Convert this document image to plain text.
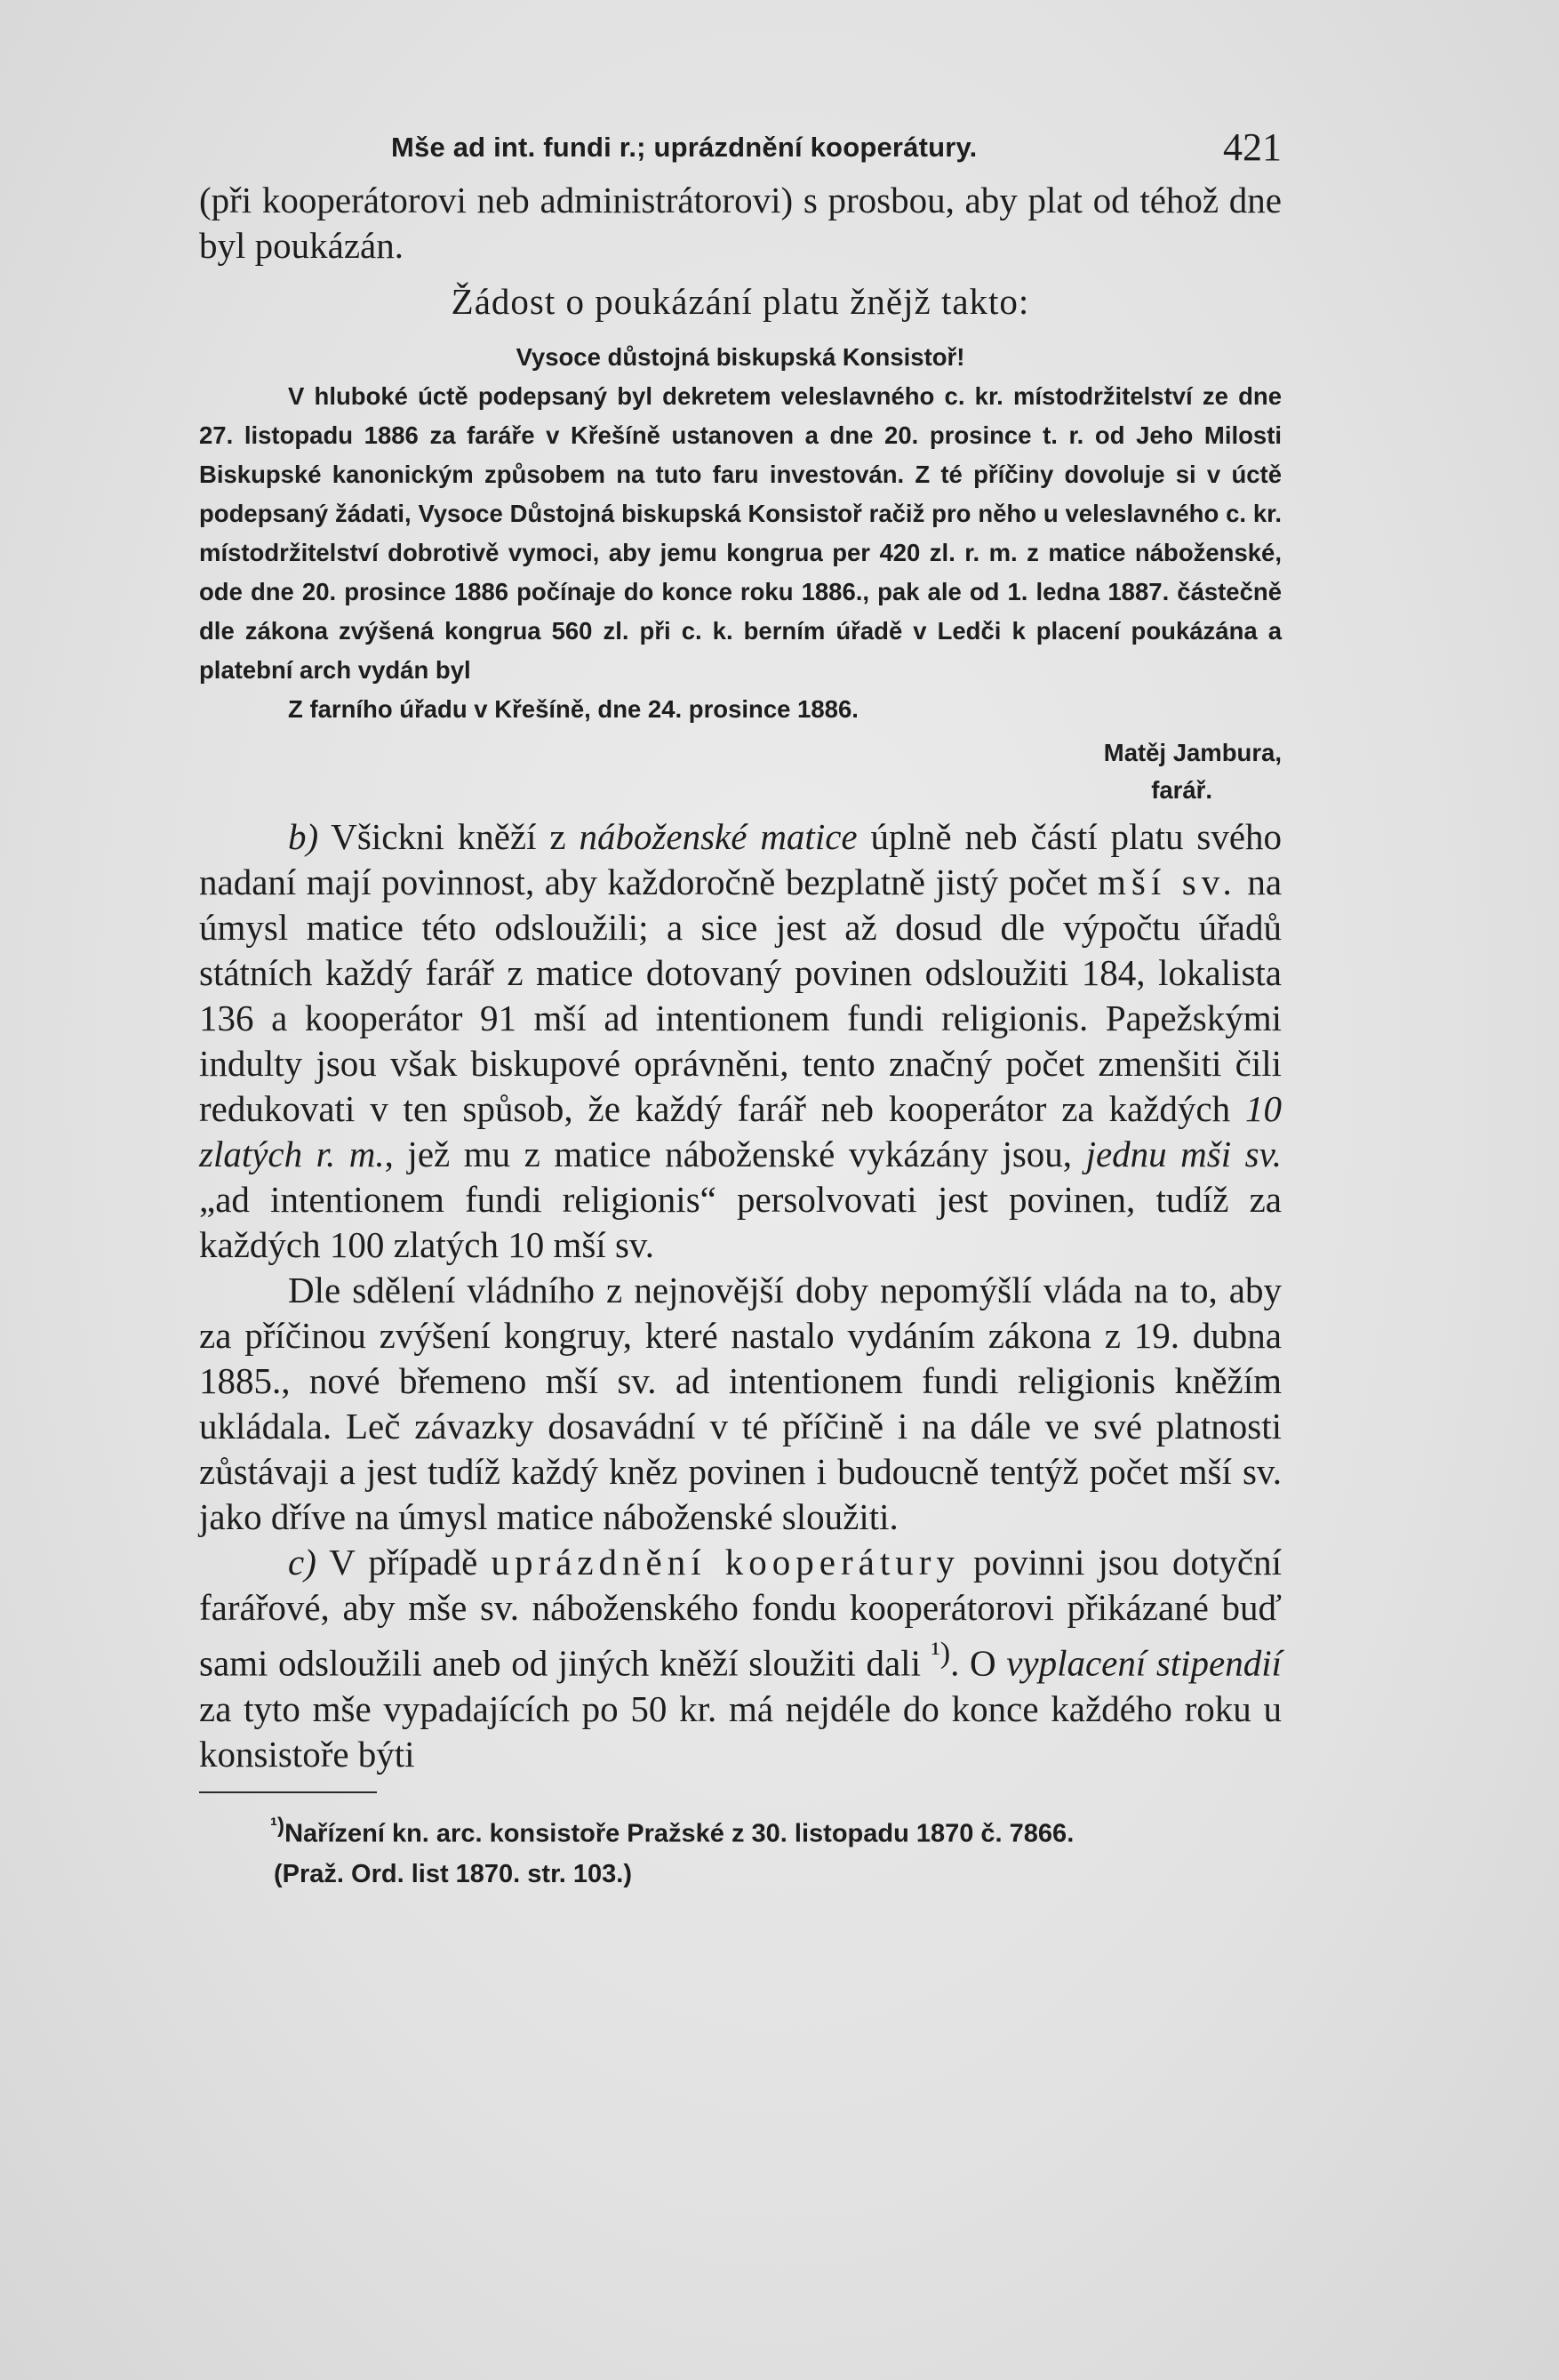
Mše ad int. fundi r.; uprázdnění kooperátury.	421

(při kooperátorovi neb administrátorovi) s prosbou, aby plat od téhož dne byl poukázán.

Žádost o poukázání platu žnějž takto:

Vysoce důstojná biskupská Konsistoř!

V hluboké úctě podepsaný byl dekretem veleslavného c. kr. místodržitelství ze dne 27. listopadu 1886 za faráře v Křešíně ustanoven a dne 20. prosince t. r. od Jeho Milosti Biskupské kanonickým způsobem na tuto faru investován. Z té příčiny dovoluje si v úctě podepsaný žádati, Vysoce Důstojná biskupská Konsistoř račiž pro něho u veleslavného c. kr. místodržitelství dobrotivě vymoci, aby jemu kongrua per 420 zl. r. m. z matice náboženské, ode dne 20. prosince 1886 počínaje do konce roku 1886., pak ale od 1. ledna 1887. částečně dle zákona zvýšená kongrua 560 zl. při c. k. berním úřadě v Ledči k placení poukázána a platební arch vydán byl

Z farního úřadu v Křešíně, dne 24. prosince 1886.

Matěj Jambura,
farář.

b) Všickni kněží z náboženské matice úplně neb částí platu svého nadaní mají povinnost, aby každoročně bezplatně jistý počet mší sv. na úmysl matice této odsloužili; a sice jest až dosud dle výpočtu úřadů státních každý farář z matice dotovaný povinen odsloužiti 184, lokalista 136 a kooperátor 91 mší ad intentionem fundi religionis. Papežskými indulty jsou však biskupové oprávněni, tento značný počet zmenšiti čili redukovati v ten spůsob, že každý farář neb kooperátor za každých 10 zlatých r. m., jež mu z matice náboženské vykázány jsou, jednu mši sv. „ad intentionem fundi religionis“ persolvovati jest povinen, tudíž za každých 100 zlatých 10 mší sv.

Dle sdělení vládního z nejnovější doby nepomýšlí vláda na to, aby za příčinou zvýšení kongruy, které nastalo vydáním zákona z 19. dubna 1885., nové břemeno mší sv. ad intentionem fundi religionis kněžím ukládala. Leč závazky dosavádní v té příčině i na dále ve své platnosti zůstávaji a jest tudíž každý kněz povinen i budoucně tentýž počet mší sv. jako dříve na úmysl matice náboženské sloužiti.

c) V případě uprázdnění kooperátury povinni jsou dotyční farářové, aby mše sv. náboženského fondu kooperátorovi přikázané buď sami odsloužili aneb od jiných kněží sloužiti dali $^{^1)}$. O vyplacení stipendií za tyto mše vypadajících po 50 kr. má nejdéle do konce každého roku u konsistoře býti

$^{^1)}$Nařízení kn. arc. konsistoře Pražské z 30. listopadu 1870 č. 7866.
(Praž. Ord. list 1870. str. 103.)
